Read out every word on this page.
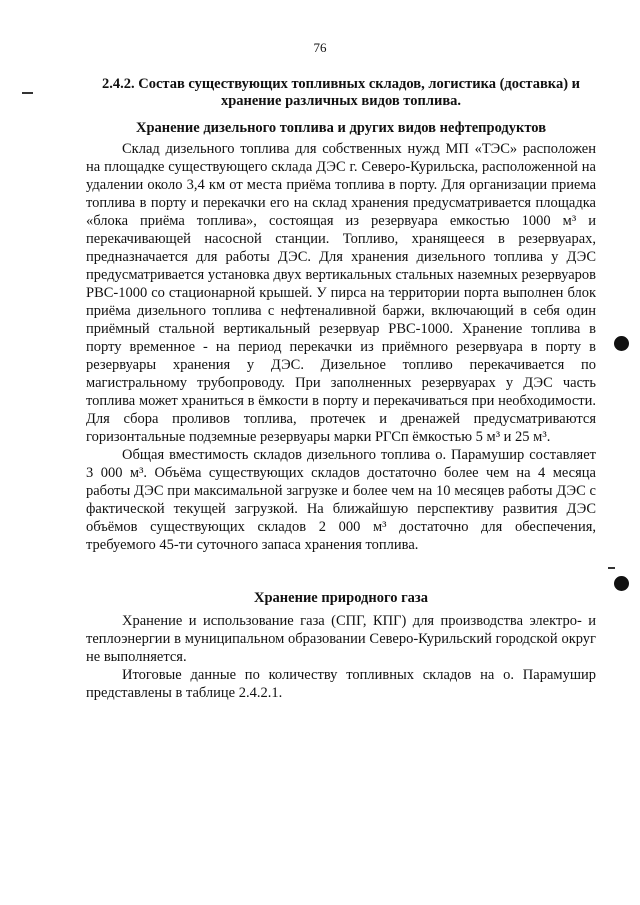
76
2.4.2. Состав существующих топливных складов, логистика (доставка) и
хранение различных видов топлива.
Хранение дизельного топлива и других видов нефтепродуктов

Склад дизельного топлива для собственных нужд МП «ТЭС» расположен на площадке существующего склада ДЭС г. Северо-Курильска, расположенной на удалении около 3,4 км от места приёма топлива в порту. Для организации приема топлива в порту и перекачки его на склад хранения предусматривается площадка «блока приёма топлива», состоящая из резервуара емкостью 1000 м³ и перекачивающей насосной станции. Топливо, хранящееся в резервуарах, предназначается для работы ДЭС. Для хранения дизельного топлива у ДЭС предусматривается установка двух вертикальных стальных наземных резервуаров РВС-1000 со стационарной крышей. У пирса на территории порта выполнен блок приёма дизельного топлива с нефтеналивной баржи, включающий в себя один приёмный стальной вертикальный резервуар РВС-1000. Хранение топлива в порту временное - на период перекачки из приёмного резервуара в порту в резервуары хранения у ДЭС. Дизельное топливо перекачивается по магистральному трубопроводу. При заполненных резервуарах у ДЭС часть топлива может храниться в ёмкости в порту и перекачиваться при необходимости. Для сбора проливов топлива, протечек и дренажей предусматриваются горизонтальные подземные резервуары марки РГСп ёмкостью 5 м³ и 25 м³.

Общая вместимость складов дизельного топлива о. Парамушир составляет 3 000 м³. Объёма существующих складов достаточно более чем на 4 месяца работы ДЭС при максимальной загрузке и более чем на 10 месяцев работы ДЭС с фактической текущей загрузкой. На ближайшую перспективу развития ДЭС объёмов существующих складов 2 000 м³ достаточно для обеспечения, требуемого 45-ти суточного запаса хранения топлива.

Хранение природного газа

Хранение и использование газа (СПГ, КПГ) для производства электро- и теплоэнергии в муниципальном образовании Северо-Курильский городской округ не выполняется.

Итоговые данные по количеству топливных складов на о. Парамушир представлены в таблице 2.4.2.1.
